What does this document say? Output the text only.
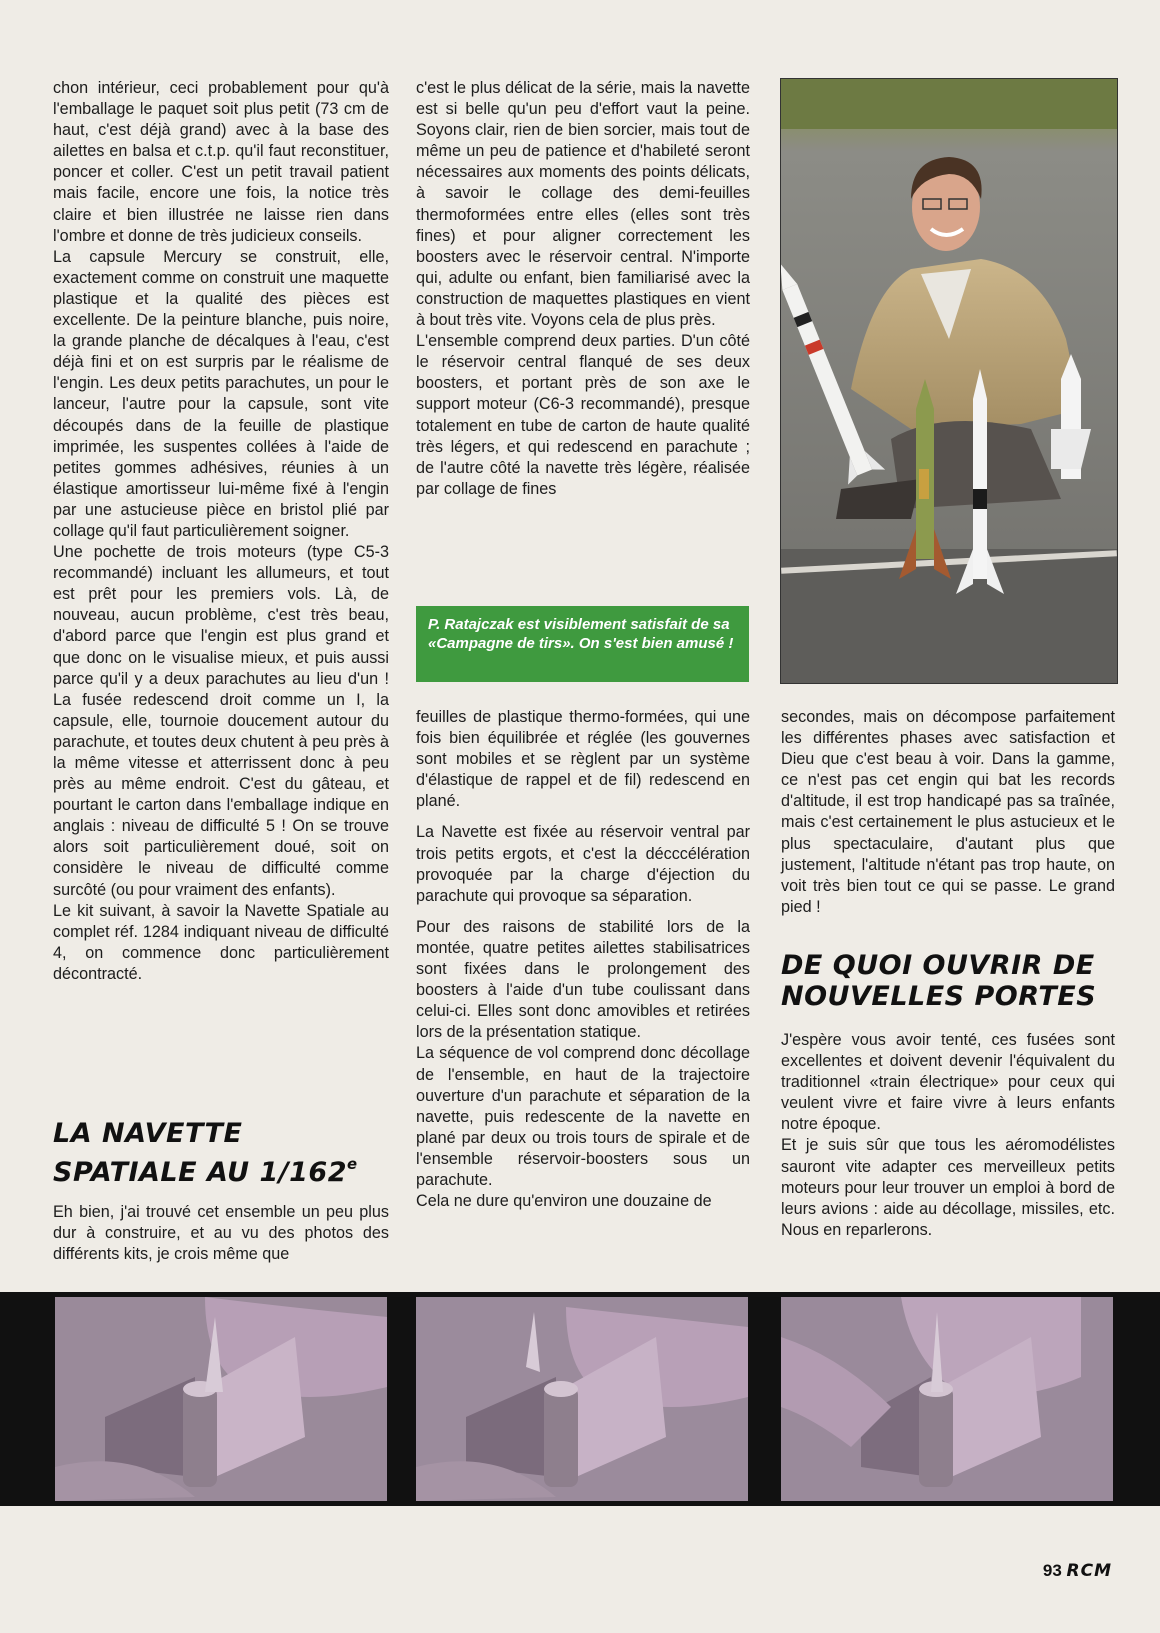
chon intérieur, ceci probablement pour qu'à l'emballage le paquet soit plus petit (73 cm de haut, c'est déjà grand) avec à la base des ailettes en balsa et c.t.p. qu'il faut reconstituer, poncer et coller. C'est un petit travail patient mais facile, encore une fois, la notice très claire et bien illustrée ne laisse rien dans l'ombre et donne de très judicieux conseils.

La capsule Mercury se construit, elle, exactement comme on construit une maquette plastique et la qualité des pièces est excellente. De la peinture blanche, puis noire, la grande planche de décalques à l'eau, c'est déjà fini et on est surpris par le réalisme de l'engin. Les deux petits parachutes, un pour le lanceur, l'autre pour la capsule, sont vite découpés dans de la feuille de plastique imprimée, les suspentes collées à l'aide de petites gommes adhésives, réunies à un élastique amortisseur lui-même fixé à l'engin par une astucieuse pièce en bristol plié par collage qu'il faut particulièrement soigner.

Une pochette de trois moteurs (type C5-3 recommandé) incluant les allumeurs, et tout est prêt pour les premiers vols. Là, de nouveau, aucun problème, c'est très beau, d'abord parce que l'engin est plus grand et que donc on le visualise mieux, et puis aussi parce qu'il y a deux parachutes au lieu d'un ! La fusée redescend droit comme un I, la capsule, elle, tournoie doucement autour du parachute, et toutes deux chutent à peu près à la même vitesse et atterrissent donc à peu près au même endroit. C'est du gâteau, et pourtant le carton dans l'emballage indique en anglais : niveau de difficulté 5 ! On se trouve alors soit particulièrement doué, soit on considère le niveau de difficulté comme surcôté (ou pour vraiment des enfants).

Le kit suivant, à savoir la Navette Spatiale au complet réf. 1284 indiquant niveau de difficulté 4, on commence donc particulièrement décontracté.

LA NAVETTE SPATIALE AU 1/162e

Eh bien, j'ai trouvé cet ensemble un peu plus dur à construire, et au vu des photos des différents kits, je crois même que

c'est le plus délicat de la série, mais la navette est si belle qu'un peu d'effort vaut la peine. Soyons clair, rien de bien sorcier, mais tout de même un peu de patience et d'habileté seront nécessaires aux moments des points délicats, à savoir le collage des demi-feuilles thermoformées entre elles (elles sont très fines) et pour aligner correctement les boosters avec le réservoir central. N'importe qui, adulte ou enfant, bien familiarisé avec la construction de maquettes plastiques en vient à bout très vite. Voyons cela de plus près.

L'ensemble comprend deux parties. D'un côté le réservoir central flanqué de ses deux boosters, et portant près de son axe le support moteur (C6-3 recommandé), presque totalement en tube de carton de haute qualité très légers, et qui redescend en parachute ; de l'autre côté la navette très légère, réalisée par collage de fines

P. Ratajczak est visiblement satisfait de sa «Campagne de tirs». On s'est bien amusé !

feuilles de plastique thermo-formées, qui une fois bien équilibrée et réglée (les gouvernes sont mobiles et se règlent par un système d'élastique de rappel et de fil) redescend en plané.

La Navette est fixée au réservoir ventral par trois petits ergots, et c'est la décccélération provoquée par la charge d'éjection du parachute qui provoque sa séparation.

Pour des raisons de stabilité lors de la montée, quatre petites ailettes stabilisatrices sont fixées dans le prolongement des boosters à l'aide d'un tube coulissant dans celui-ci. Elles sont donc amovibles et retirées lors de la présentation statique.

La séquence de vol comprend donc décollage de l'ensemble, en haut de la trajectoire ouverture d'un parachute et séparation de la navette, puis redescente de la navette en plané par deux ou trois tours de spirale et de l'ensemble réservoir-boosters sous un parachute.

Cela ne dure qu'environ une douzaine de

secondes, mais on décompose parfaitement les différentes phases avec satisfaction et Dieu que c'est beau à voir. Dans la gamme, ce n'est pas cet engin qui bat les records d'altitude, il est trop handicapé pas sa traînée, mais c'est certainement le plus astucieux et le plus spectaculaire, d'autant plus que justement, l'altitude n'étant pas trop haute, on voit très bien tout ce qui se passe. Le grand pied !

DE QUOI OUVRIR DE NOUVELLES PORTES

J'espère vous avoir tenté, ces fusées sont excellentes et doivent devenir l'équivalent du traditionnel «train électrique» pour ceux qui veulent vivre et faire vivre à leurs enfants notre époque.

Et je suis sûr que tous les aéromodélistes sauront vite adapter ces merveilleux petits moteurs pour leur trouver un emploi à bord de leurs avions : aide au décollage, missiles, etc. Nous en reparlerons.

93 RCM
